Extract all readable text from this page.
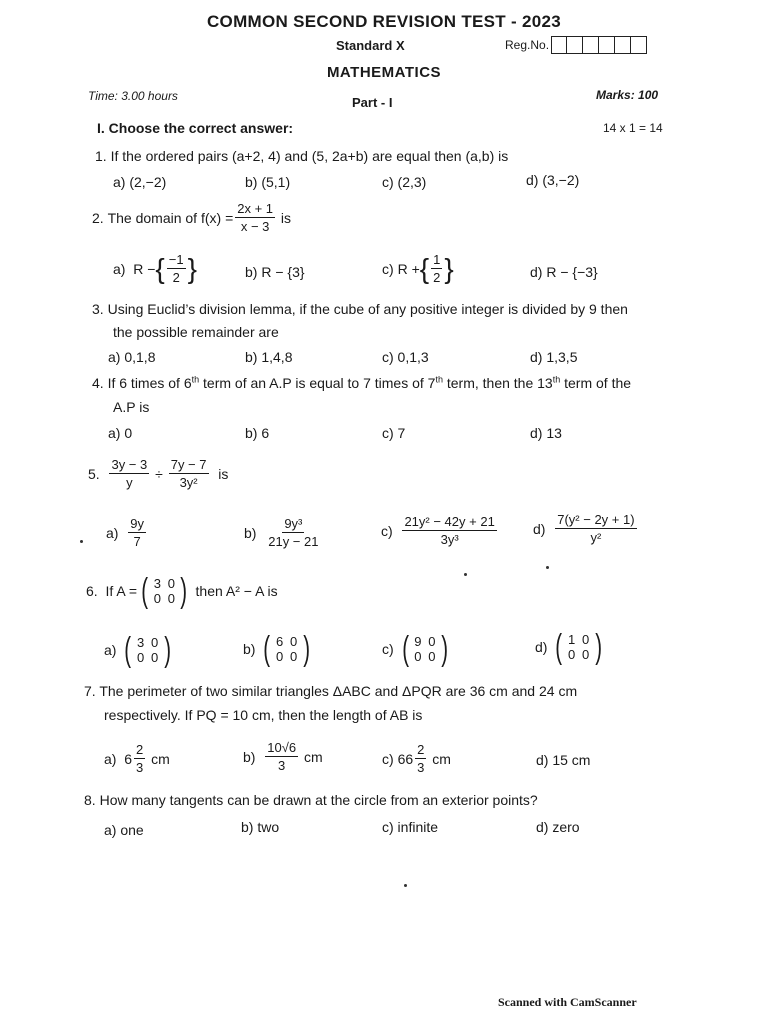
COMMON SECOND REVISION TEST - 2023
Standard X	Reg.No.
MATHEMATICS
Time: 3.00 hours	Marks: 100
Part - I
I. Choose the correct answer:	14 x 1 = 14
1. If the ordered pairs (a+2, 4) and (5, 2a+b) are equal then (a,b) is
a) (2,−2)	b) (5,1)	c) (2,3)	d) (3,−2)
2.
The domain of
$f(x) = \frac{2x + 1}{x - 3}$
is
a)
R − { $\frac{-1}{2}$ }	b) R − {3}	c)
R + { $\frac{1}{2}$ }	d) R − {−3}
3. Using Euclid’s division lemma, if the cube of any positive integer is divided by 9 then
the possible remainder are
a) 0,1,8	b) 1,4,8	c) 0,1,3	d) 1,3,5
4. If 6 times of 6th term of an A.P is equal to 7 times of 7th term, then the 13th term of the
A.P is
a) 0	b) 6	c) 7	d) 13
5.
$\frac{3y - 3}{y}$
÷
$\frac{7y - 7}{\text{3y²}}$
is
a)
$\frac{9y}{7}$	b)
$\frac{\text{9y³}}{21y - 21}$	c)
$\frac{\text{21y² − 42y + 21}}{\text{3y³}}$	d)
$\frac{\text{7(y² − 2y + 1)}}{\text{y²}}$
6.
If A = ( 3 0
0 0 )
then A² − A is
a)
( 3 0
0 0 )	b)
( 6 0
0 0 )	c)
( 9 0
0 0 )	d)
( 1 0
0 0 )
7. The perimeter of two similar triangles ΔABC and ΔPQR are 36 cm and 24 cm
respectively. If PQ = 10 cm, then the length of AB is
a)
$6 \frac{2}{3}$
cm	b)
$\frac{10√6}{3}$
cm	c)
$66 \frac{2}{3}$
cm	d) 15 cm
8. How many tangents can be drawn at the circle from an exterior points?
a) one	b) two	c) infinite	d) zero
Scanned with CamScanner
